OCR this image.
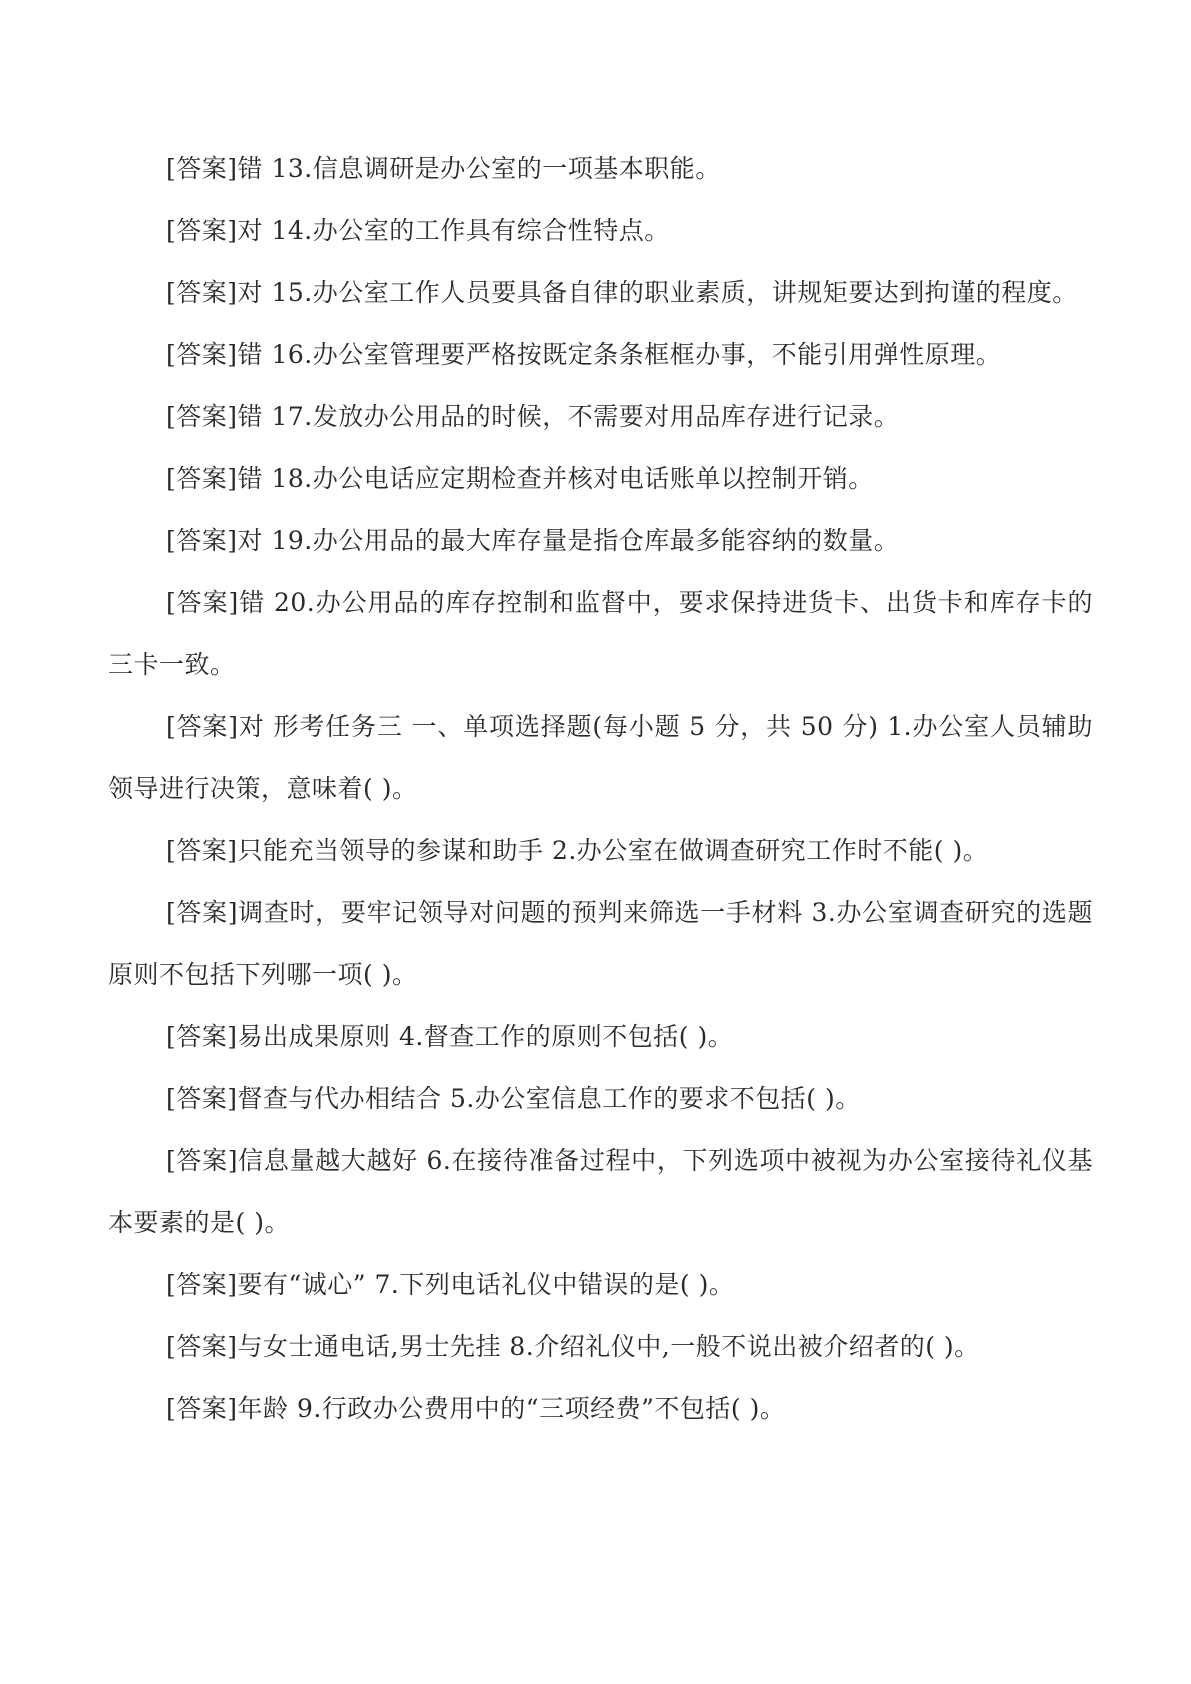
[答案]错 13.信息调研是办公室的一项基本职能。

[答案]对 14.办公室的工作具有综合性特点。

[答案]对 15.办公室工作人员要具备自律的职业素质，讲规矩要达到拘谨的程度。

[答案]错 16.办公室管理要严格按既定条条框框办事，不能引用弹性原理。

[答案]错 17.发放办公用品的时候，不需要对用品库存进行记录。

[答案]错 18.办公电话应定期检查并核对电话账单以控制开销。

[答案]对 19.办公用品的最大库存量是指仓库最多能容纳的数量。

[答案]错 20.办公用品的库存控制和监督中，要求保持进货卡、出货卡和库存卡的三卡一致。

[答案]对 形考任务三 一、单项选择题(每小题 5 分，共 50 分) 1.办公室人员辅助领导进行决策，意味着( )。

[答案]只能充当领导的参谋和助手 2.办公室在做调查研究工作时不能( )。

[答案]调查时，要牢记领导对问题的预判来筛选一手材料 3.办公室调查研究的选题原则不包括下列哪一项( )。

[答案]易出成果原则 4.督查工作的原则不包括( )。

[答案]督查与代办相结合 5.办公室信息工作的要求不包括( )。

[答案]信息量越大越好 6.在接待准备过程中，下列选项中被视为办公室接待礼仪基本要素的是( )。

[答案]要有“诚心” 7.下列电话礼仪中错误的是( )。

[答案]与女士通电话,男士先挂 8.介绍礼仪中,一般不说出被介绍者的( )。

[答案]年龄 9.行政办公费用中的“三项经费”不包括( )。
